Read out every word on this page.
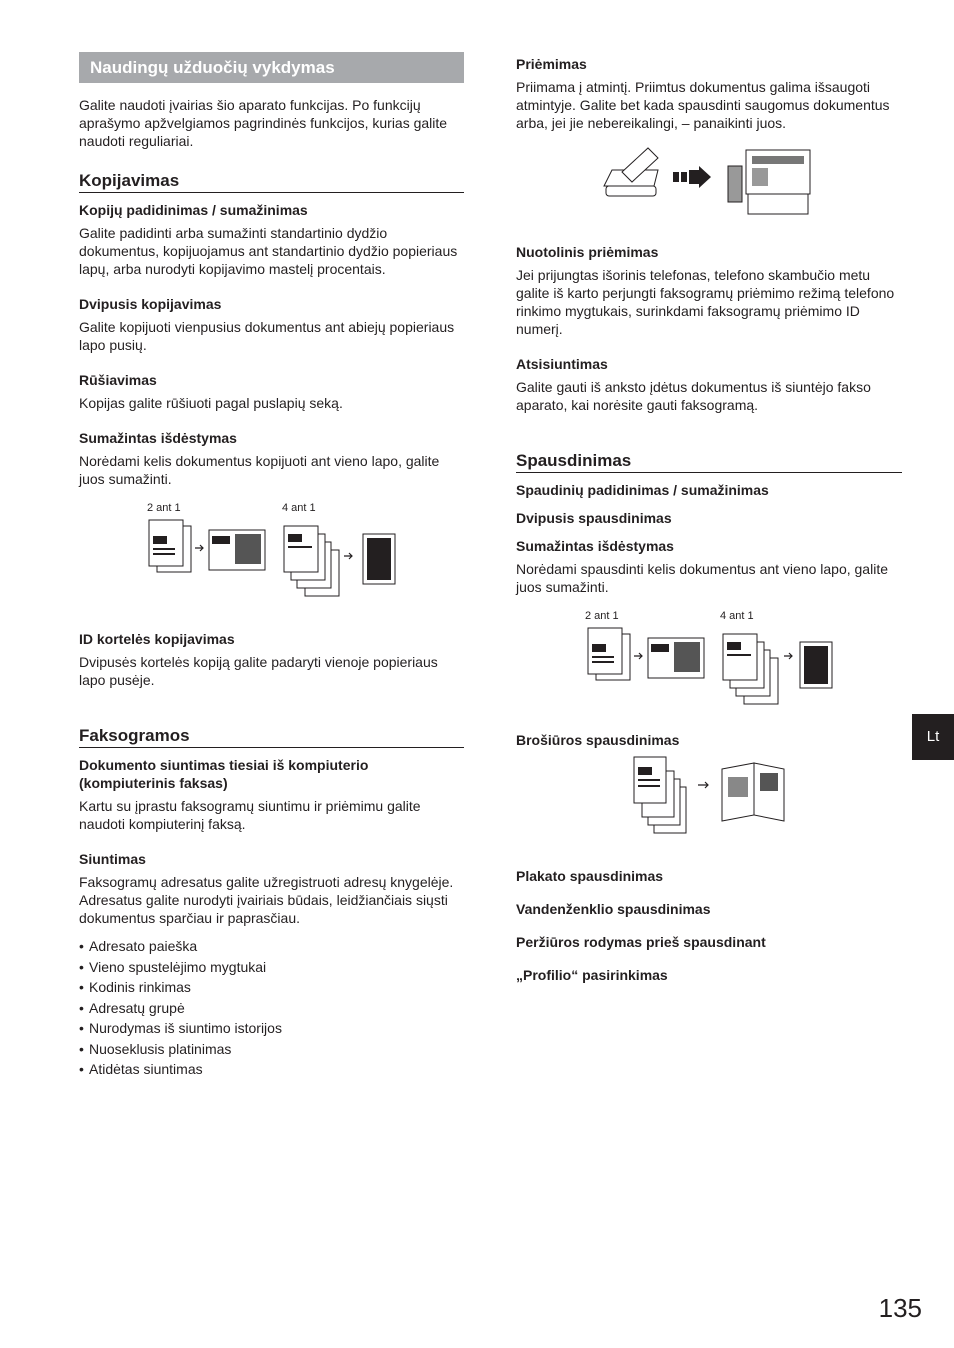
Naudingų užduočių vykdymas

Galite naudoti įvairias šio aparato funkcijas. Po funkcijų aprašymo apžvelgiamos pagrindinės funkcijos, kurias galite naudoti reguliariai.

Kopijavimas
Kopijų padidinimas / sumažinimas

Galite padidinti arba sumažinti standartinio dydžio dokumentus, kopijuojamus ant standartinio dydžio popieriaus lapų, arba nurodyti kopijavimo mastelį procentais.

Dvipusis kopijavimas

Galite kopijuoti vienpusius dokumentus ant abiejų popieriaus lapo pusių.

Rūšiavimas

Kopijas galite rūšiuoti pagal puslapių seką.

Sumažintas išdėstymas

Norėdami kelis dokumentus kopijuoti ant vieno lapo, galite juos sumažinti.

2 ant 1	4 ant 1
ID kortelės kopijavimas

Dvipusės kortelės kopiją galite padaryti vienoje popieriaus lapo pusėje.

Faksogramos
Dokumento siuntimas tiesiai iš kompiuterio (kompiuterinis faksas)

Kartu su įprastu faksogramų siuntimu ir priėmimu galite naudoti kompiuterinį faksą.

Siuntimas

Faksogramų adresatus galite užregistruoti adresų knygelėje. Adresatus galite nurodyti įvairiais būdais, leidžiančiais siųsti dokumentus sparčiau ir paprasčiau.

• Adresato paieška
• Vieno spustelėjimo mygtukai
• Kodinis rinkimas
• Adresatų grupė
• Nurodymas iš siuntimo istorijos
• Nuoseklusis platinimas
• Atidėtas siuntimas
Priėmimas

Priimama į atmintį. Priimtus dokumentus galima išsaugoti atmintyje. Galite bet kada spausdinti saugomus dokumentus arba, jei jie nebereikalingi, – panaikinti juos.

Nuotolinis priėmimas

Jei prijungtas išorinis telefonas, telefono skambučio metu galite iš karto perjungti faksogramų priėmimo režimą telefono rinkimo mygtukais, surinkdami faksogramų priėmimo ID numerį.

Atsisiuntimas

Galite gauti iš anksto įdėtus dokumentus iš siuntėjo fakso aparato, kai norėsite gauti faksogramą.

Spausdinimas
Spaudinių padidinimas / sumažinimas
Dvipusis spausdinimas
Sumažintas išdėstymas

Norėdami spausdinti kelis dokumentus ant vieno lapo, galite juos sumažinti.

2 ant 1	4 ant 1
Brošiūros spausdinimas
Plakato spausdinimas
Vandenženklio spausdinimas
Peržiūros rodymas prieš spausdinant
„Profilio“ pasirinkimas
Lt
135
